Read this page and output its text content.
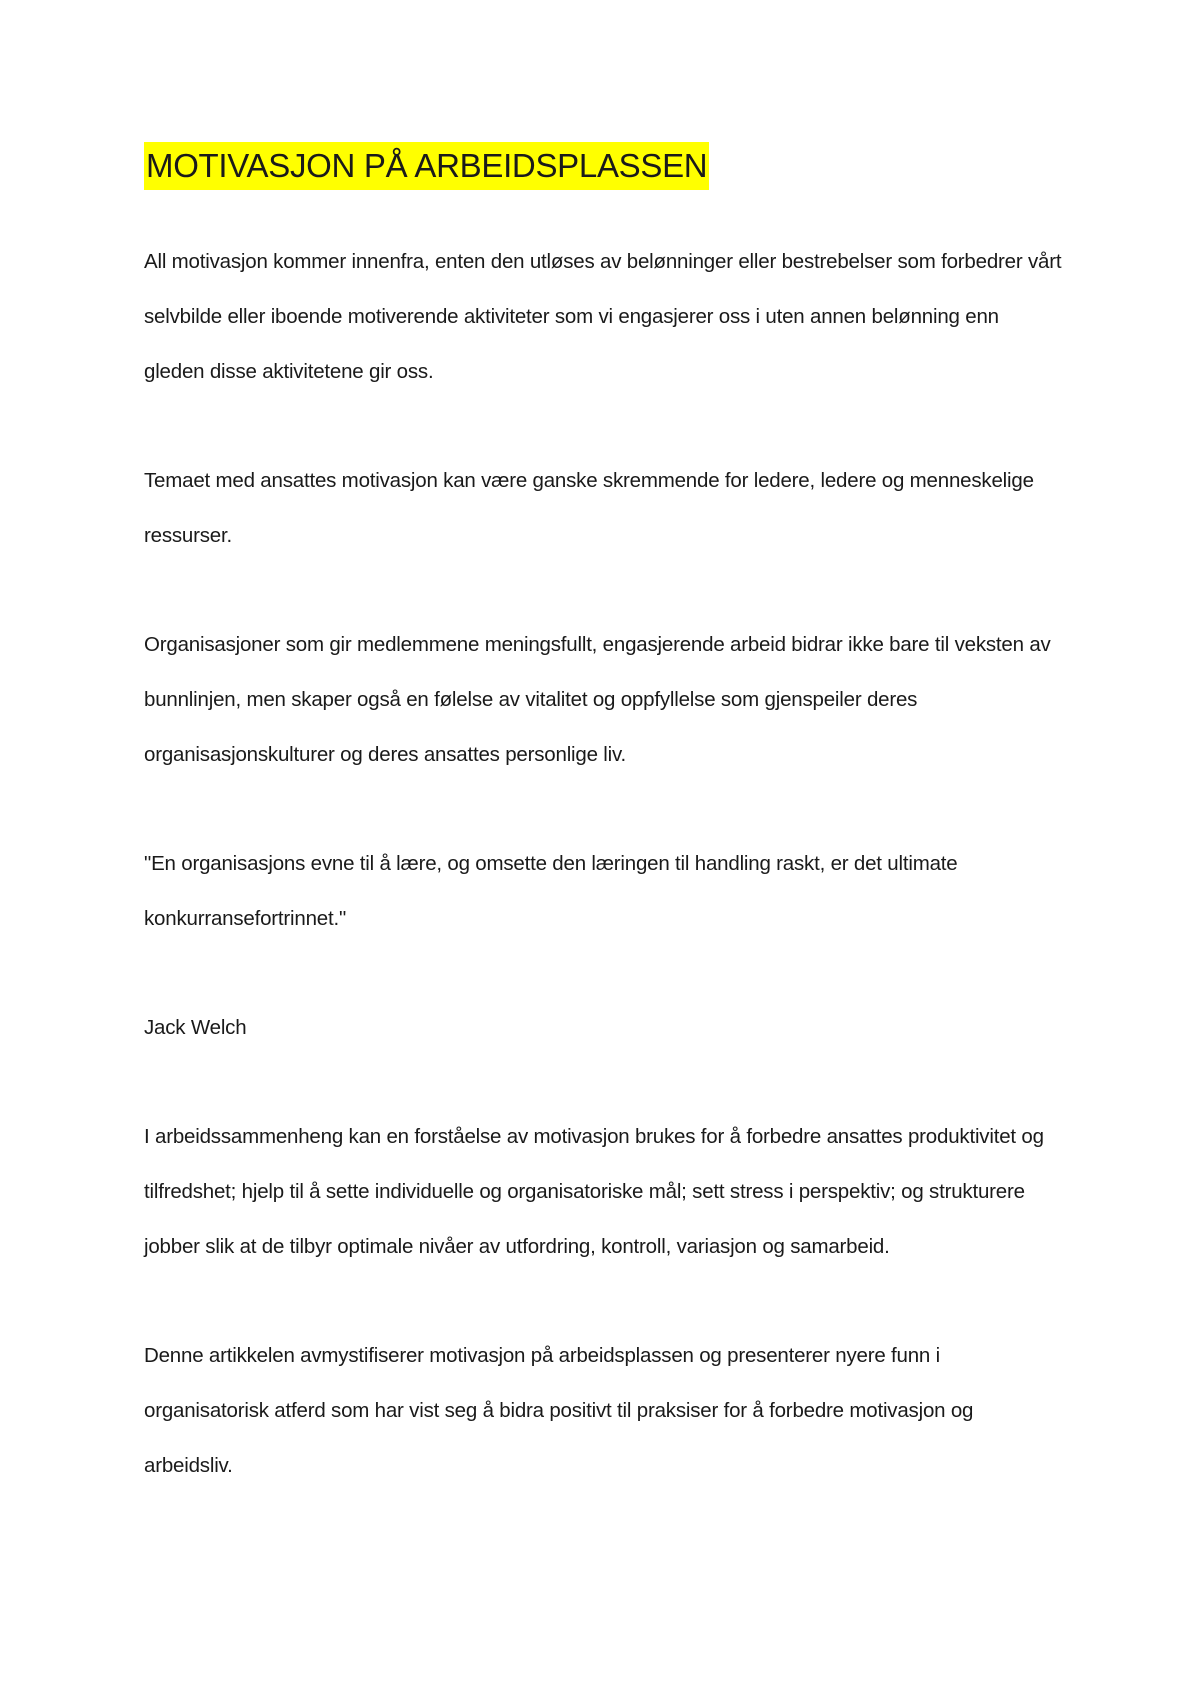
MOTIVASJON PÅ ARBEIDSPLASSEN

All motivasjon kommer innenfra, enten den utløses av belønninger eller bestrebelser som forbedrer vårt selvbilde eller iboende motiverende aktiviteter som vi engasjerer oss i uten annen belønning enn gleden disse aktivitetene gir oss.

Temaet med ansattes motivasjon kan være ganske skremmende for ledere, ledere og menneskelige ressurser.

Organisasjoner som gir medlemmene meningsfullt, engasjerende arbeid bidrar ikke bare til veksten av bunnlinjen, men skaper også en følelse av vitalitet og oppfyllelse som gjenspeiler deres organisasjonskulturer og deres ansattes personlige liv.

"En organisasjons evne til å lære, og omsette den læringen til handling raskt, er det ultimate konkurransefortrinnet."

Jack Welch

I arbeidssammenheng kan en forståelse av motivasjon brukes for å forbedre ansattes produktivitet og tilfredshet; hjelp til å sette individuelle og organisatoriske mål; sett stress i perspektiv; og strukturere jobber slik at de tilbyr optimale nivåer av utfordring, kontroll, variasjon og samarbeid.

Denne artikkelen avmystifiserer motivasjon på arbeidsplassen og presenterer nyere funn i organisatorisk atferd som har vist seg å bidra positivt til praksiser for å forbedre motivasjon og arbeidsliv.
